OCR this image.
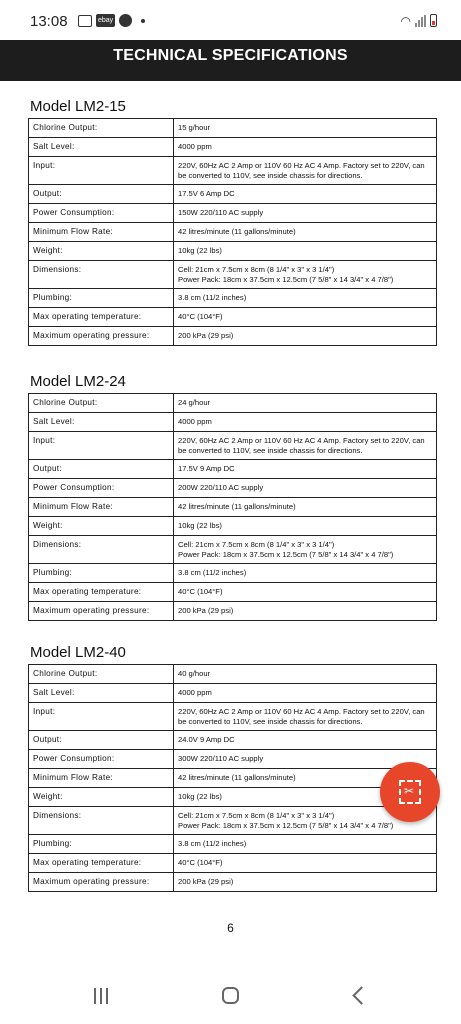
13:08	ebay	◠
TECHNICAL SPECIFICATIONS
Model LM2-15
Chlorine Output:	15 g/hour
Salt Level:	4000 ppm
Input:	220V, 60Hz AC 2 Amp or 110V 60 Hz AC 4 Amp. Factory set to 220V, can be converted to 110V, see inside chassis for directions.
Output:	17.5V 6 Amp DC
Power Consumption:	150W 220/110 AC supply
Minimum Flow Rate:	42 litres/minute (11 gallons/minute)
Weight:	10kg (22 lbs)
Dimensions:	Cell: 21cm x 7.5cm x 8cm (8 1/4" x 3" x 3 1/4")
Power Pack: 18cm x 37.5cm x 12.5cm (7 5/8" x 14 3/4" x 4 7/8")

Plumbing:	3.8 cm (11/2 inches)
Max operating temperature:	40°C (104°F)
Maximum operating pressure:	200 kPa (29 psi)
Model LM2-24
Chlorine Output:	24 g/hour
Salt Level:	4000 ppm
Input:	220V, 60Hz AC 2 Amp or 110V 60 Hz AC 4 Amp. Factory set to 220V, can be converted to 110V, see inside chassis for directions.
Output:	17.5V 9 Amp DC
Power Consumption:	200W 220/110 AC supply
Minimum Flow Rate:	42 litres/minute (11 gallons/minute)
Weight:	10kg (22 lbs)
Dimensions:	Cell: 21cm x 7.5cm x 8cm (8 1/4" x 3" x 3 1/4")
Power Pack: 18cm x 37.5cm x 12.5cm (7 5/8" x 14 3/4" x 4 7/8")

Plumbing:	3.8 cm (11/2 inches)
Max operating temperature:	40°C (104°F)
Maximum operating pressure:	200 kPa (29 psi)
Model LM2-40
Chlorine Output:	40 g/hour
Salt Level:	4000 ppm
Input:	220V, 60Hz AC 2 Amp or 110V 60 Hz AC 4 Amp. Factory set to 220V, can be converted to 110V, see inside chassis for directions.
Output:	24.0V 9 Amp DC
Power Consumption:	300W 220/110 AC supply
Minimum Flow Rate:	42 litres/minute (11 gallons/minute)
Weight:	10kg (22 lbs)
Dimensions:	Cell: 21cm x 7.5cm x 8cm (8 1/4" x 3" x 3 1/4")
Power Pack: 18cm x 37.5cm x 12.5cm (7 5/8" x 14 3/4" x 4 7/8")

Plumbing:	3.8 cm (11/2 inches)
Max operating temperature:	40°C (104°F)
Maximum operating pressure:	200 kPa (29 psi)
6
✂
